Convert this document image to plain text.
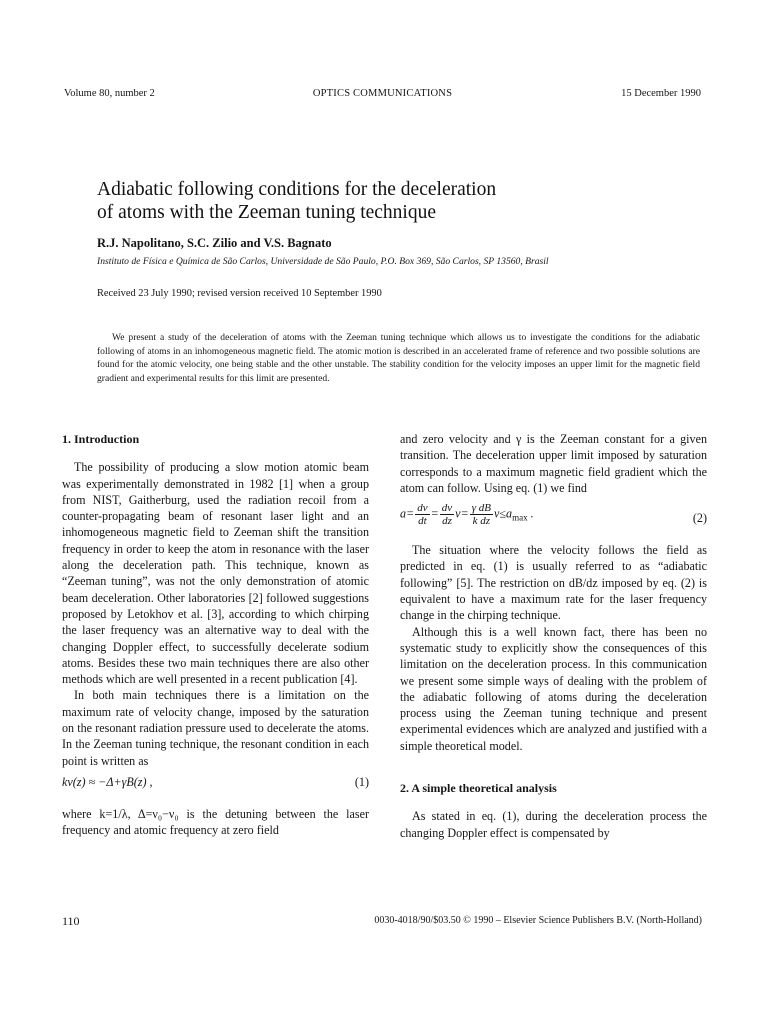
Volume 80, number 2	OPTICS COMMUNICATIONS	15 December 1990
Adiabatic following conditions for the deceleration
of atoms with the Zeeman tuning technique
R.J. Napolitano, S.C. Zilio and V.S. Bagnato
Instituto de Física e Química de São Carlos, Universidade de São Paulo, P.O. Box 369, São Carlos, SP 13560, Brasil
Received 23 July 1990; revised version received 10 September 1990
We present a study of the deceleration of atoms with the Zeeman tuning technique which allows us to investigate the conditions for the adiabatic following of atoms in an inhomogeneous magnetic field. The atomic motion is described in an accelerated frame of reference and two possible solutions are found for the atomic velocity, one being stable and the other unstable. The stability condition for the velocity imposes an upper limit for the magnetic field gradient and experimental results for this limit are presented.
1. Introduction

The possibility of producing a slow motion atomic beam was experimentally demonstrated in 1982 [1] when a group from NIST, Gaitherburg, used the radiation recoil from a counter-propagating beam of resonant laser light and an inhomogeneous magnetic field to Zeeman shift the transition frequency in order to keep the atom in resonance with the laser along the deceleration path. This technique, known as “Zeeman tuning”, was not the only demonstration of atomic beam deceleration. Other laboratories [2] followed suggestions proposed by Letokhov et al. [3], according to which chirping the laser frequency was an alternative way to deal with the changing Doppler effect, to successfully decelerate sodium atoms. Besides these two main techniques there are also other methods which are well presented in a recent publication [4].

In both main techniques there is a limitation on the maximum rate of velocity change, imposed by the saturation on the resonant radiation pressure used to decelerate the atoms. In the Zeeman tuning technique, the resonant condition in each point is written as

kv(z) ≈ −Δ+γB(z) ,	(1)

where k=1/λ, Δ=ν₀−ν₀ is the detuning between the laser frequency and atomic frequency at zero field

and zero velocity and γ is the Zeeman constant for a given transition. The deceleration upper limit imposed by saturation corresponds to a maximum magnetic field gradient which the atom can follow. Using eq. (1) we find

$a= \frac{dv}{dt} = \frac{dv}{dz} v= \frac{\text{γ dB}}{\text{k dz}} v\le a_{max}$ .	(2)

The situation where the velocity follows the field as predicted in eq. (1) is usually referred to as “adiabatic following” [5]. The restriction on dB/dz imposed by eq. (2) is equivalent to have a maximum rate for the laser frequency change in the chirping technique.

Although this is a well known fact, there has been no systematic study to explicitly show the consequences of this limitation on the deceleration process. In this communication we present some simple ways of dealing with the problem of the adiabatic following of atoms during the deceleration process using the Zeeman tuning technique and present experimental evidences which are analyzed and justified with a simple theoretical model.

2. A simple theoretical analysis

As stated in eq. (1), during the deceleration process the changing Doppler effect is compensated by

110	0030-4018/90/$03.50 © 1990 – Elsevier Science Publishers B.V. (North-Holland)
